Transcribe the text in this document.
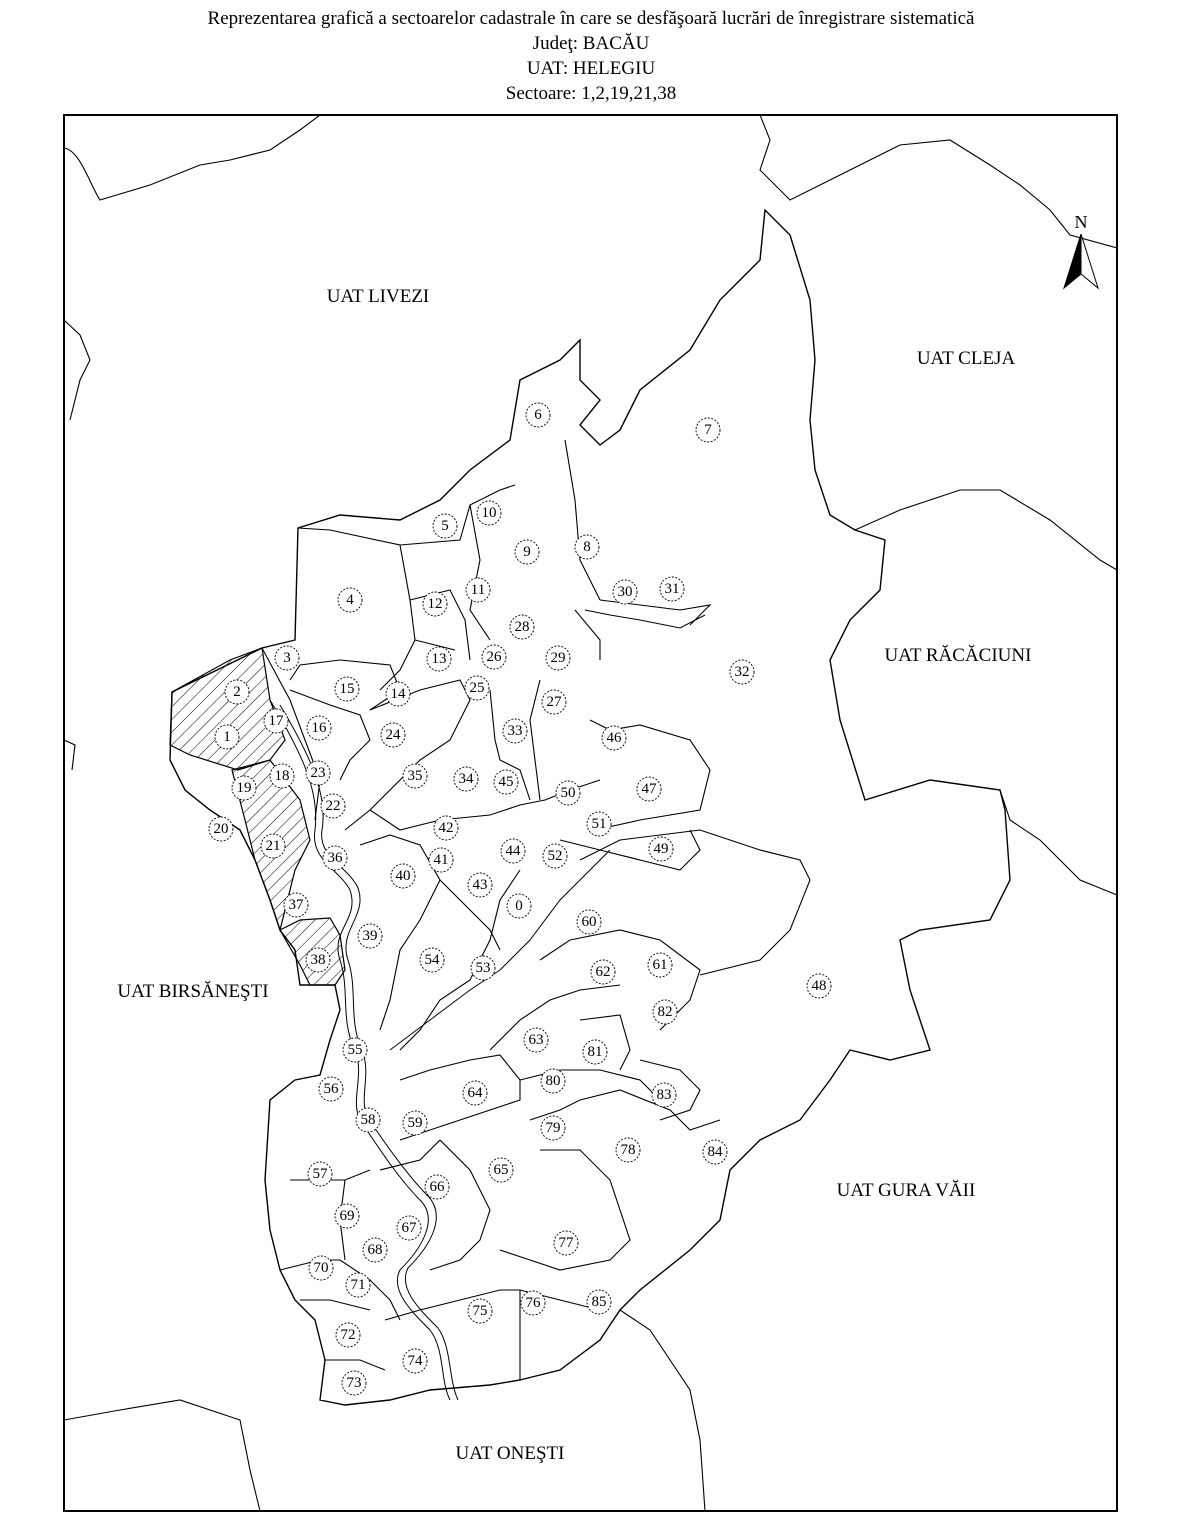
Reprezentarea grafică a sectoarelor cadastrale în care se desfăşoară lucrări de înregistrare sistematică
Judeţ: BACĂU
UAT: HELEGIU
Sectoare: 1,2,19,21,38
N
UAT LIVEZI
UAT CLEJA
UAT RĂCĂCIUNI
UAT BIRSĂNEŞTI
UAT GURA VĂII
UAT ONEŞTI
0
1
2
3
4
5
6
7
8
9
10
11
12
13
14
15
16
17
18
19
20
21
22
23
24
25
26
27
28
29
30 31
32
33
34
35
36
37
38
39
40
41
42
43
44
45
46
47
48
49
50
51
52
53
54
55
56
57
58 59
60
61
62
63
64
65
66
67
68
69
70
71
72
73
74
75	76
77
78
79
80
81
82
83
84
85
